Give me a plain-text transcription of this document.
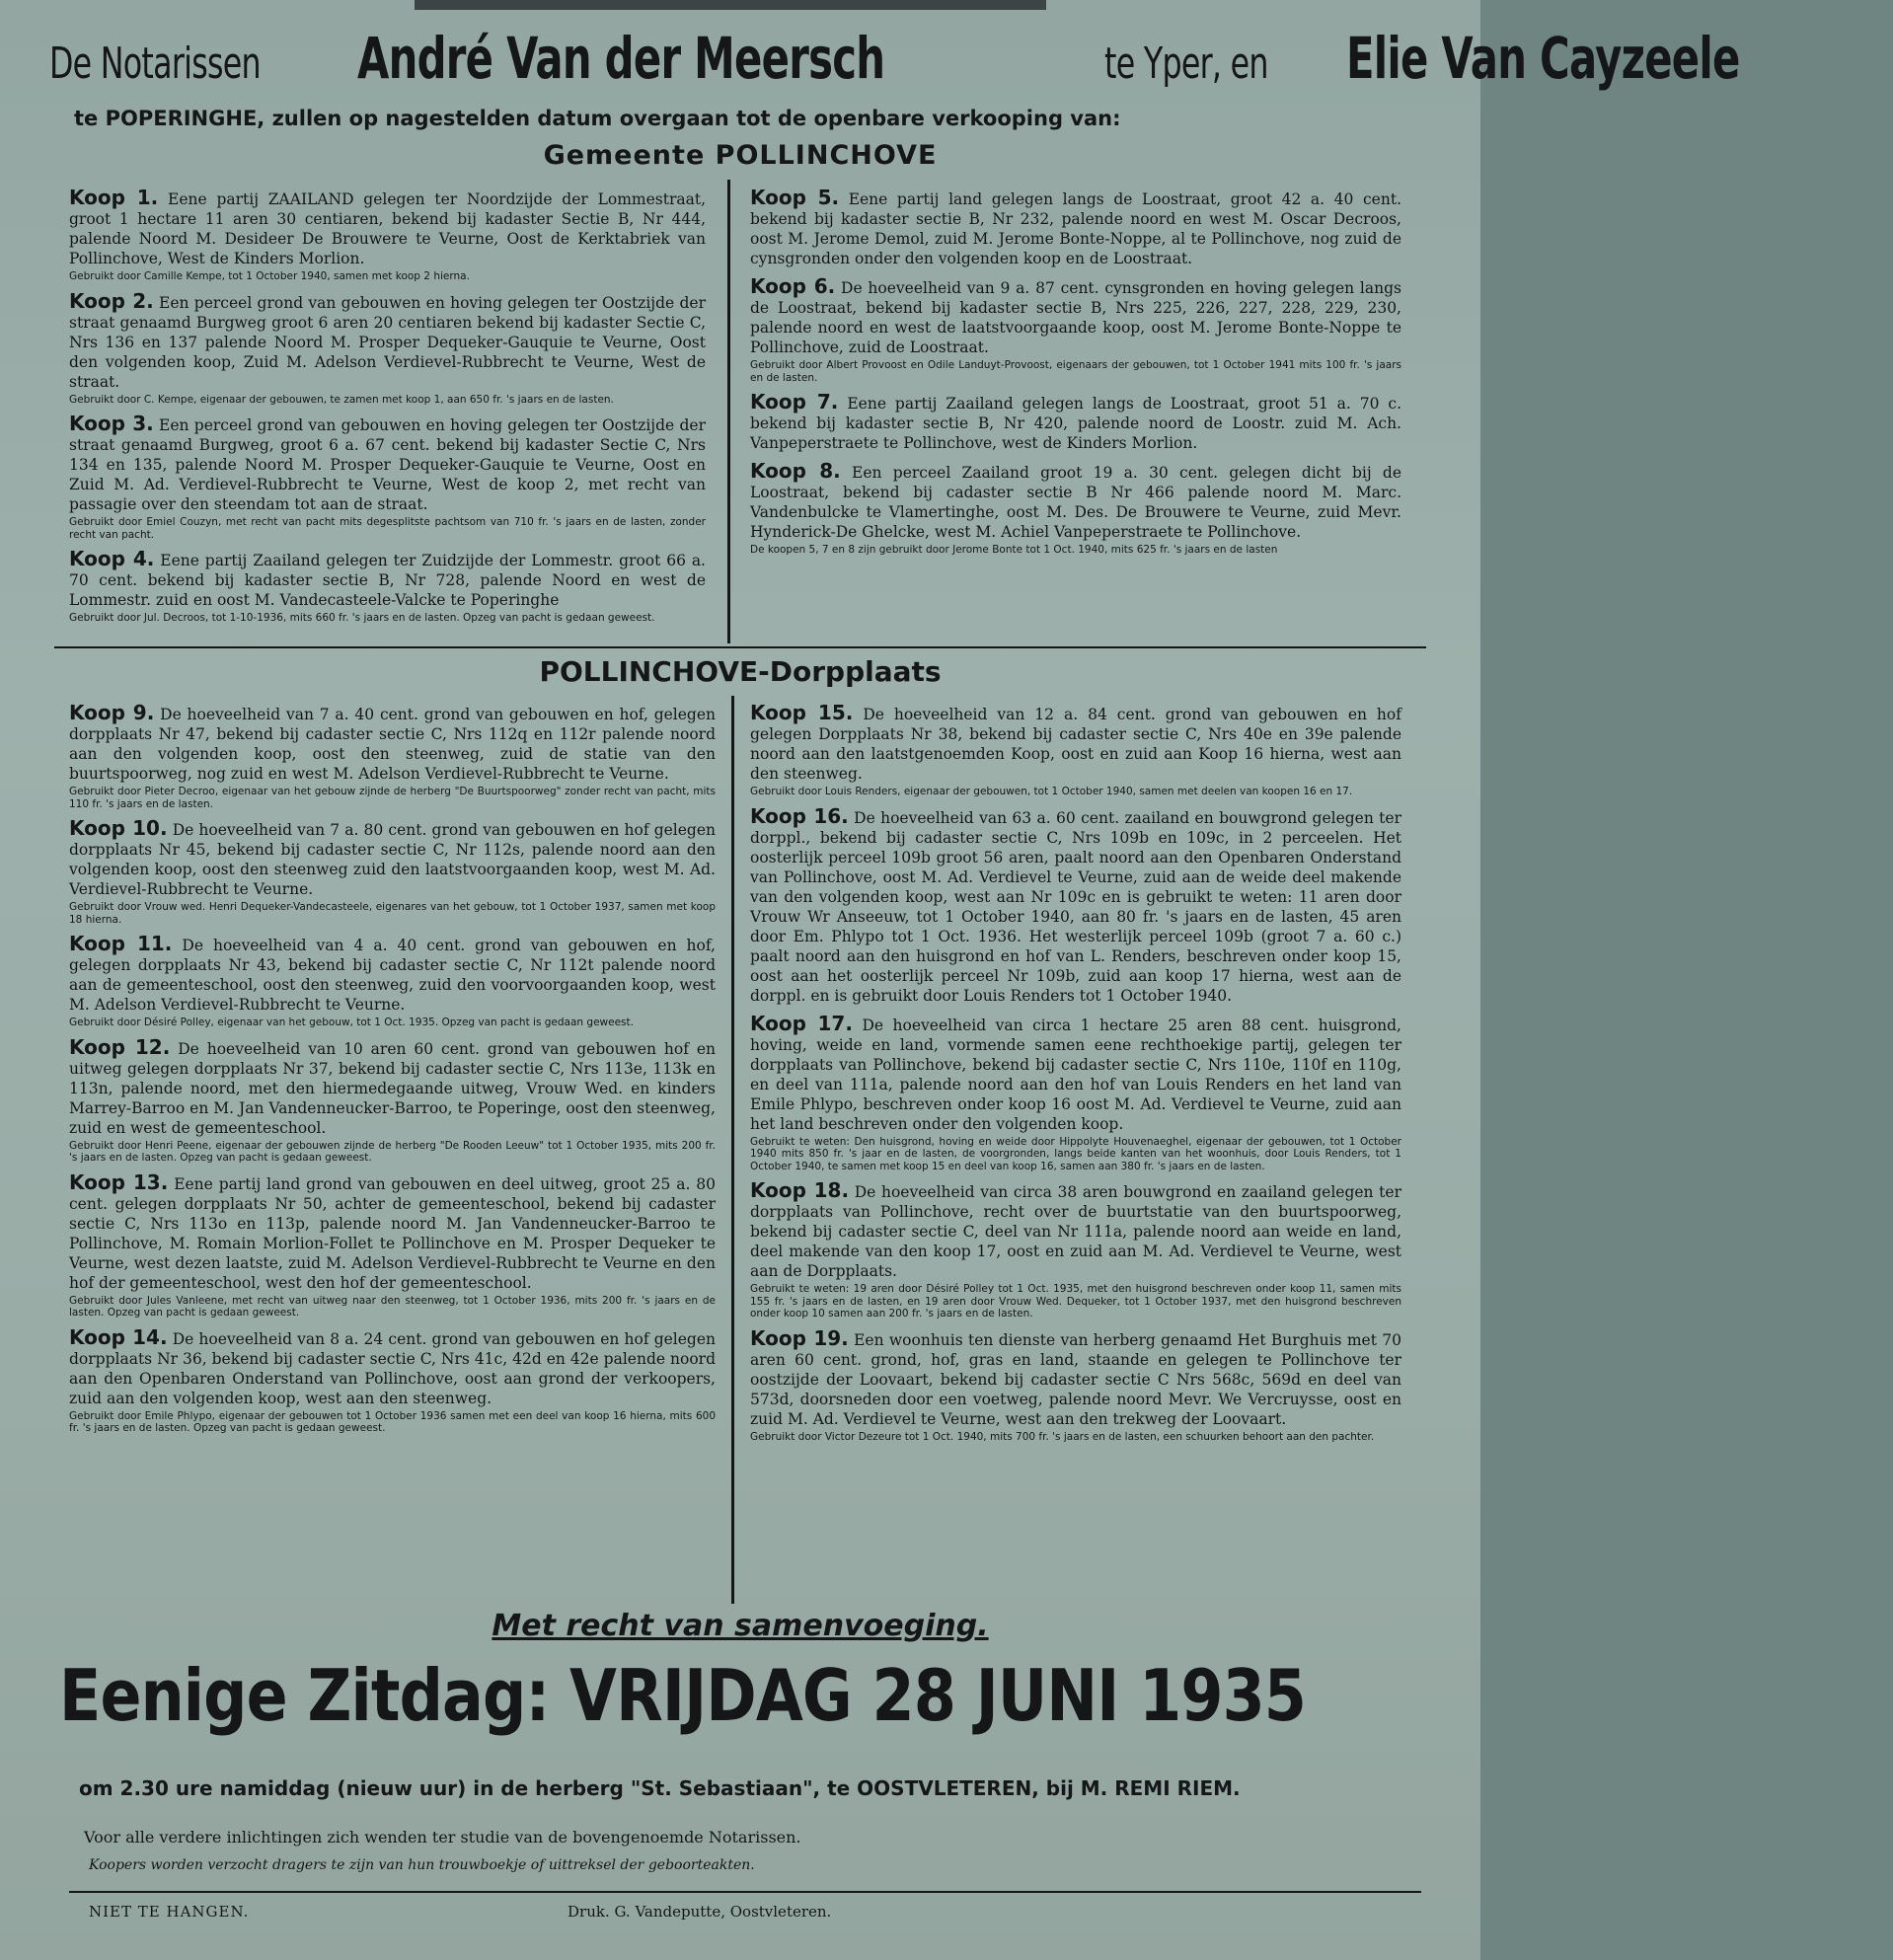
De Notarissen André Van der Meersch	te Yper, en Elie Van Cayzeele
te POPERINGHE, zullen op nagestelden datum overgaan tot de openbare verkooping van:
Gemeente POLLINCHOVE
Koop 1. Eene partij ZAAILAND gelegen ter Noordzijde der Lommestraat, groot 1 hectare 11 aren 30 centiaren, bekend bij kadaster Sectie B, Nr 444, palende Noord M. Desideer De Brouwere te Veurne, Oost de Kerktabriek van Pollinchove, West de Kinders Morlion.
Gebruikt door Camille Kempe, tot 1 October 1940, samen met koop 2 hierna.
Koop 2. Een perceel grond van gebouwen en hoving gelegen ter Oostzijde der straat genaamd Burgweg groot 6 aren 20 centiaren bekend bij kadaster Sectie C, Nrs 136 en 137 palende Noord M. Prosper Dequeker-Gauquie te Veurne, Oost den volgenden koop, Zuid M. Adelson Verdievel-Rubbrecht te Veurne, West de straat.
Gebruikt door C. Kempe, eigenaar der gebouwen, te zamen met koop 1, aan 650 fr. 's jaars en de lasten.
Koop 3. Een perceel grond van gebouwen en hoving gelegen ter Oostzijde der straat genaamd Burgweg, groot 6 a. 67 cent. bekend bij kadaster Sectie C, Nrs 134 en 135, palende Noord M. Prosper Dequeker-Gauquie te Veurne, Oost en Zuid M. Ad. Verdievel-Rubbrecht te Veurne, West de koop 2, met recht van passagie over den steendam tot aan de straat.
Gebruikt door Emiel Couzyn, met recht van pacht mits degesplitste pachtsom van 710 fr. 's jaars en de lasten, zonder recht van pacht.
Koop 4. Eene partij Zaailand gelegen ter Zuidzijde der Lommestr. groot 66 a. 70 cent. bekend bij kadaster sectie B, Nr 728, palende Noord en west de Lommestr. zuid en oost M. Vandecasteele-Valcke te Poperinghe
Gebruikt door Jul. Decroos, tot 1-10-1936, mits 660 fr. 's jaars en de lasten. Opzeg van pacht is gedaan geweest.
Koop 5. Eene partij land gelegen langs de Loostraat, groot 42 a. 40 cent. bekend bij kadaster sectie B, Nr 232, palende noord en west M. Oscar Decroos, oost M. Jerome Demol, zuid M. Jerome Bonte-Noppe, al te Pollinchove, nog zuid de cynsgronden onder den volgenden koop en de Loostraat.
Koop 6. De hoeveelheid van 9 a. 87 cent. cynsgronden en hoving gelegen langs de Loostraat, bekend bij kadaster sectie B, Nrs 225, 226, 227, 228, 229, 230, palende noord en west de laatstvoorgaande koop, oost M. Jerome Bonte-Noppe te Pollinchove, zuid de Loostraat.
Gebruikt door Albert Provoost en Odile Landuyt-Provoost, eigenaars der gebouwen, tot 1 October 1941 mits 100 fr. 's jaars en de lasten.
Koop 7. Eene partij Zaailand gelegen langs de Loostraat, groot 51 a. 70 c. bekend bij kadaster sectie B, Nr 420, palende noord de Loostr. zuid M. Ach. Vanpeperstraete te Pollinchove, west de Kinders Morlion.
Koop 8. Een perceel Zaailand groot 19 a. 30 cent. gelegen dicht bij de Loostraat, bekend bij cadaster sectie B Nr 466 palende noord M. Marc. Vandenbulcke te Vlamertinghe, oost M. Des. De Brouwere te Veurne, zuid Mevr. Hynderick-De Ghelcke, west M. Achiel Vanpeperstraete te Pollinchove.
De koopen 5, 7 en 8 zijn gebruikt door Jerome Bonte tot 1 Oct. 1940, mits 625 fr. 's jaars en de lasten
POLLINCHOVE-Dorpplaats
Koop 9. De hoeveelheid van 7 a. 40 cent. grond van gebouwen en hof, gelegen dorpplaats Nr 47, bekend bij cadaster sectie C, Nrs 112q en 112r palende noord aan den volgenden koop, oost den steenweg, zuid de statie van den buurtspoorweg, nog zuid en west M. Adelson Verdievel-Rubbrecht te Veurne.
Gebruikt door Pieter Decroo, eigenaar van het gebouw zijnde de herberg "De Buurtspoorweg" zonder recht van pacht, mits 110 fr. 's jaars en de lasten.
Koop 10. De hoeveelheid van 7 a. 80 cent. grond van gebouwen en hof gelegen dorpplaats Nr 45, bekend bij cadaster sectie C, Nr 112s, palende noord aan den volgenden koop, oost den steenweg zuid den laatstvoorgaanden koop, west M. Ad. Verdievel-Rubbrecht te Veurne.
Gebruikt door Vrouw wed. Henri Dequeker-Vandecasteele, eigenares van het gebouw, tot 1 October 1937, samen met koop 18 hierna.
Koop 11. De hoeveelheid van 4 a. 40 cent. grond van gebouwen en hof, gelegen dorpplaats Nr 43, bekend bij cadaster sectie C, Nr 112t palende noord aan de gemeenteschool, oost den steenweg, zuid den voorvoorgaanden koop, west M. Adelson Verdievel-Rubbrecht te Veurne.
Gebruikt door Désiré Polley, eigenaar van het gebouw, tot 1 Oct. 1935. Opzeg van pacht is gedaan geweest.
Koop 12. De hoeveelheid van 10 aren 60 cent. grond van gebouwen hof en uitweg gelegen dorpplaats Nr 37, bekend bij cadaster sectie C, Nrs 113e, 113k en 113n, palende noord, met den hiermedegaande uitweg, Vrouw Wed. en kinders Marrey-Barroo en M. Jan Vandenneucker-Barroo, te Poperinge, oost den steenweg, zuid en west de gemeenteschool.
Gebruikt door Henri Peene, eigenaar der gebouwen zijnde de herberg "De Rooden Leeuw" tot 1 October 1935, mits 200 fr. 's jaars en de lasten. Opzeg van pacht is gedaan geweest.
Koop 13. Eene partij land grond van gebouwen en deel uitweg, groot 25 a. 80 cent. gelegen dorpplaats Nr 50, achter de gemeenteschool, bekend bij cadaster sectie C, Nrs 113o en 113p, palende noord M. Jan Vandenneucker-Barroo te Pollinchove, M. Romain Morlion-Follet te Pollinchove en M. Prosper Dequeker te Veurne, west dezen laatste, zuid M. Adelson Verdievel-Rubbrecht te Veurne en den hof der gemeenteschool, west den hof der gemeenteschool.
Gebruikt door Jules Vanleene, met recht van uitweg naar den steenweg, tot 1 October 1936, mits 200 fr. 's jaars en de lasten. Opzeg van pacht is gedaan geweest.
Koop 14. De hoeveelheid van 8 a. 24 cent. grond van gebouwen en hof gelegen dorpplaats Nr 36, bekend bij cadaster sectie C, Nrs 41c, 42d en 42e palende noord aan den Openbaren Onderstand van Pollinchove, oost aan grond der verkoopers, zuid aan den volgenden koop, west aan den steenweg.
Gebruikt door Emile Phlypo, eigenaar der gebouwen tot 1 October 1936 samen met een deel van koop 16 hierna, mits 600 fr. 's jaars en de lasten. Opzeg van pacht is gedaan geweest.
Koop 15. De hoeveelheid van 12 a. 84 cent. grond van gebouwen en hof gelegen Dorpplaats Nr 38, bekend bij cadaster sectie C, Nrs 40e en 39e palende noord aan den laatstgenoemden Koop, oost en zuid aan Koop 16 hierna, west aan den steenweg.
Gebruikt door Louis Renders, eigenaar der gebouwen, tot 1 October 1940, samen met deelen van koopen 16 en 17.
Koop 16. De hoeveelheid van 63 a. 60 cent. zaailand en bouwgrond gelegen ter dorppl., bekend bij cadaster sectie C, Nrs 109b en 109c, in 2 perceelen. Het oosterlijk perceel 109b groot 56 aren, paalt noord aan den Openbaren Onderstand van Pollinchove, oost M. Ad. Verdievel te Veurne, zuid aan de weide deel makende van den volgenden koop, west aan Nr 109c en is gebruikt te weten: 11 aren door Vrouw Wr Anseeuw, tot 1 October 1940, aan 80 fr. 's jaars en de lasten, 45 aren door Em. Phlypo tot 1 Oct. 1936. Het westerlijk perceel 109b (groot 7 a. 60 c.) paalt noord aan den huisgrond en hof van L. Renders, beschreven onder koop 15, oost aan het oosterlijk perceel Nr 109b, zuid aan koop 17 hierna, west aan de dorppl. en is gebruikt door Louis Renders tot 1 October 1940.
Koop 17. De hoeveelheid van circa 1 hectare 25 aren 88 cent. huisgrond, hoving, weide en land, vormende samen eene rechthoekige partij, gelegen ter dorpplaats van Pollinchove, bekend bij cadaster sectie C, Nrs 110e, 110f en 110g, en deel van 111a, palende noord aan den hof van Louis Renders en het land van Emile Phlypo, beschreven onder koop 16 oost M. Ad. Verdievel te Veurne, zuid aan het land beschreven onder den volgenden koop.
Gebruikt te weten: Den huisgrond, hoving en weide door Hippolyte Houvenaeghel, eigenaar der gebouwen, tot 1 October 1940 mits 850 fr. 's jaar en de lasten, de voorgronden, langs beide kanten van het woonhuis, door Louis Renders, tot 1 October 1940, te samen met koop 15 en deel van koop 16, samen aan 380 fr. 's jaars en de lasten.
Koop 18. De hoeveelheid van circa 38 aren bouwgrond en zaailand gelegen ter dorpplaats van Pollinchove, recht over de buurtstatie van den buurtspoorweg, bekend bij cadaster sectie C, deel van Nr 111a, palende noord aan weide en land, deel makende van den koop 17, oost en zuid aan M. Ad. Verdievel te Veurne, west aan de Dorpplaats.
Gebruikt te weten: 19 aren door Désiré Polley tot 1 Oct. 1935, met den huisgrond beschreven onder koop 11, samen mits 155 fr. 's jaars en de lasten, en 19 aren door Vrouw Wed. Dequeker, tot 1 October 1937, met den huisgrond beschreven onder koop 10 samen aan 200 fr. 's jaars en de lasten.
Koop 19. Een woonhuis ten dienste van herberg genaamd Het Burghuis met 70 aren 60 cent. grond, hof, gras en land, staande en gelegen te Pollinchove ter oostzijde der Loovaart, bekend bij cadaster sectie C Nrs 568c, 569d en deel van 573d, doorsneden door een voetweg, palende noord Mevr. We Vercruysse, oost en zuid M. Ad. Verdievel te Veurne, west aan den trekweg der Loovaart.
Gebruikt door Victor Dezeure tot 1 Oct. 1940, mits 700 fr. 's jaars en de lasten, een schuurken behoort aan den pachter.
Met recht van samenvoeging.
Eenige Zitdag: VRIJDAG 28 JUNI 1935
om 2.30 ure namiddag (nieuw uur) in de herberg "St. Sebastiaan", te OOSTVLETEREN, bij M. REMI RIEM.
Voor alle verdere inlichtingen zich wenden ter studie van de bovengenoemde Notarissen.
Koopers worden verzocht dragers te zijn van hun trouwboekje of uittreksel der geboorteakten.
NIET TE HANGEN.	Druk. G. Vandeputte, Oostvleteren.
